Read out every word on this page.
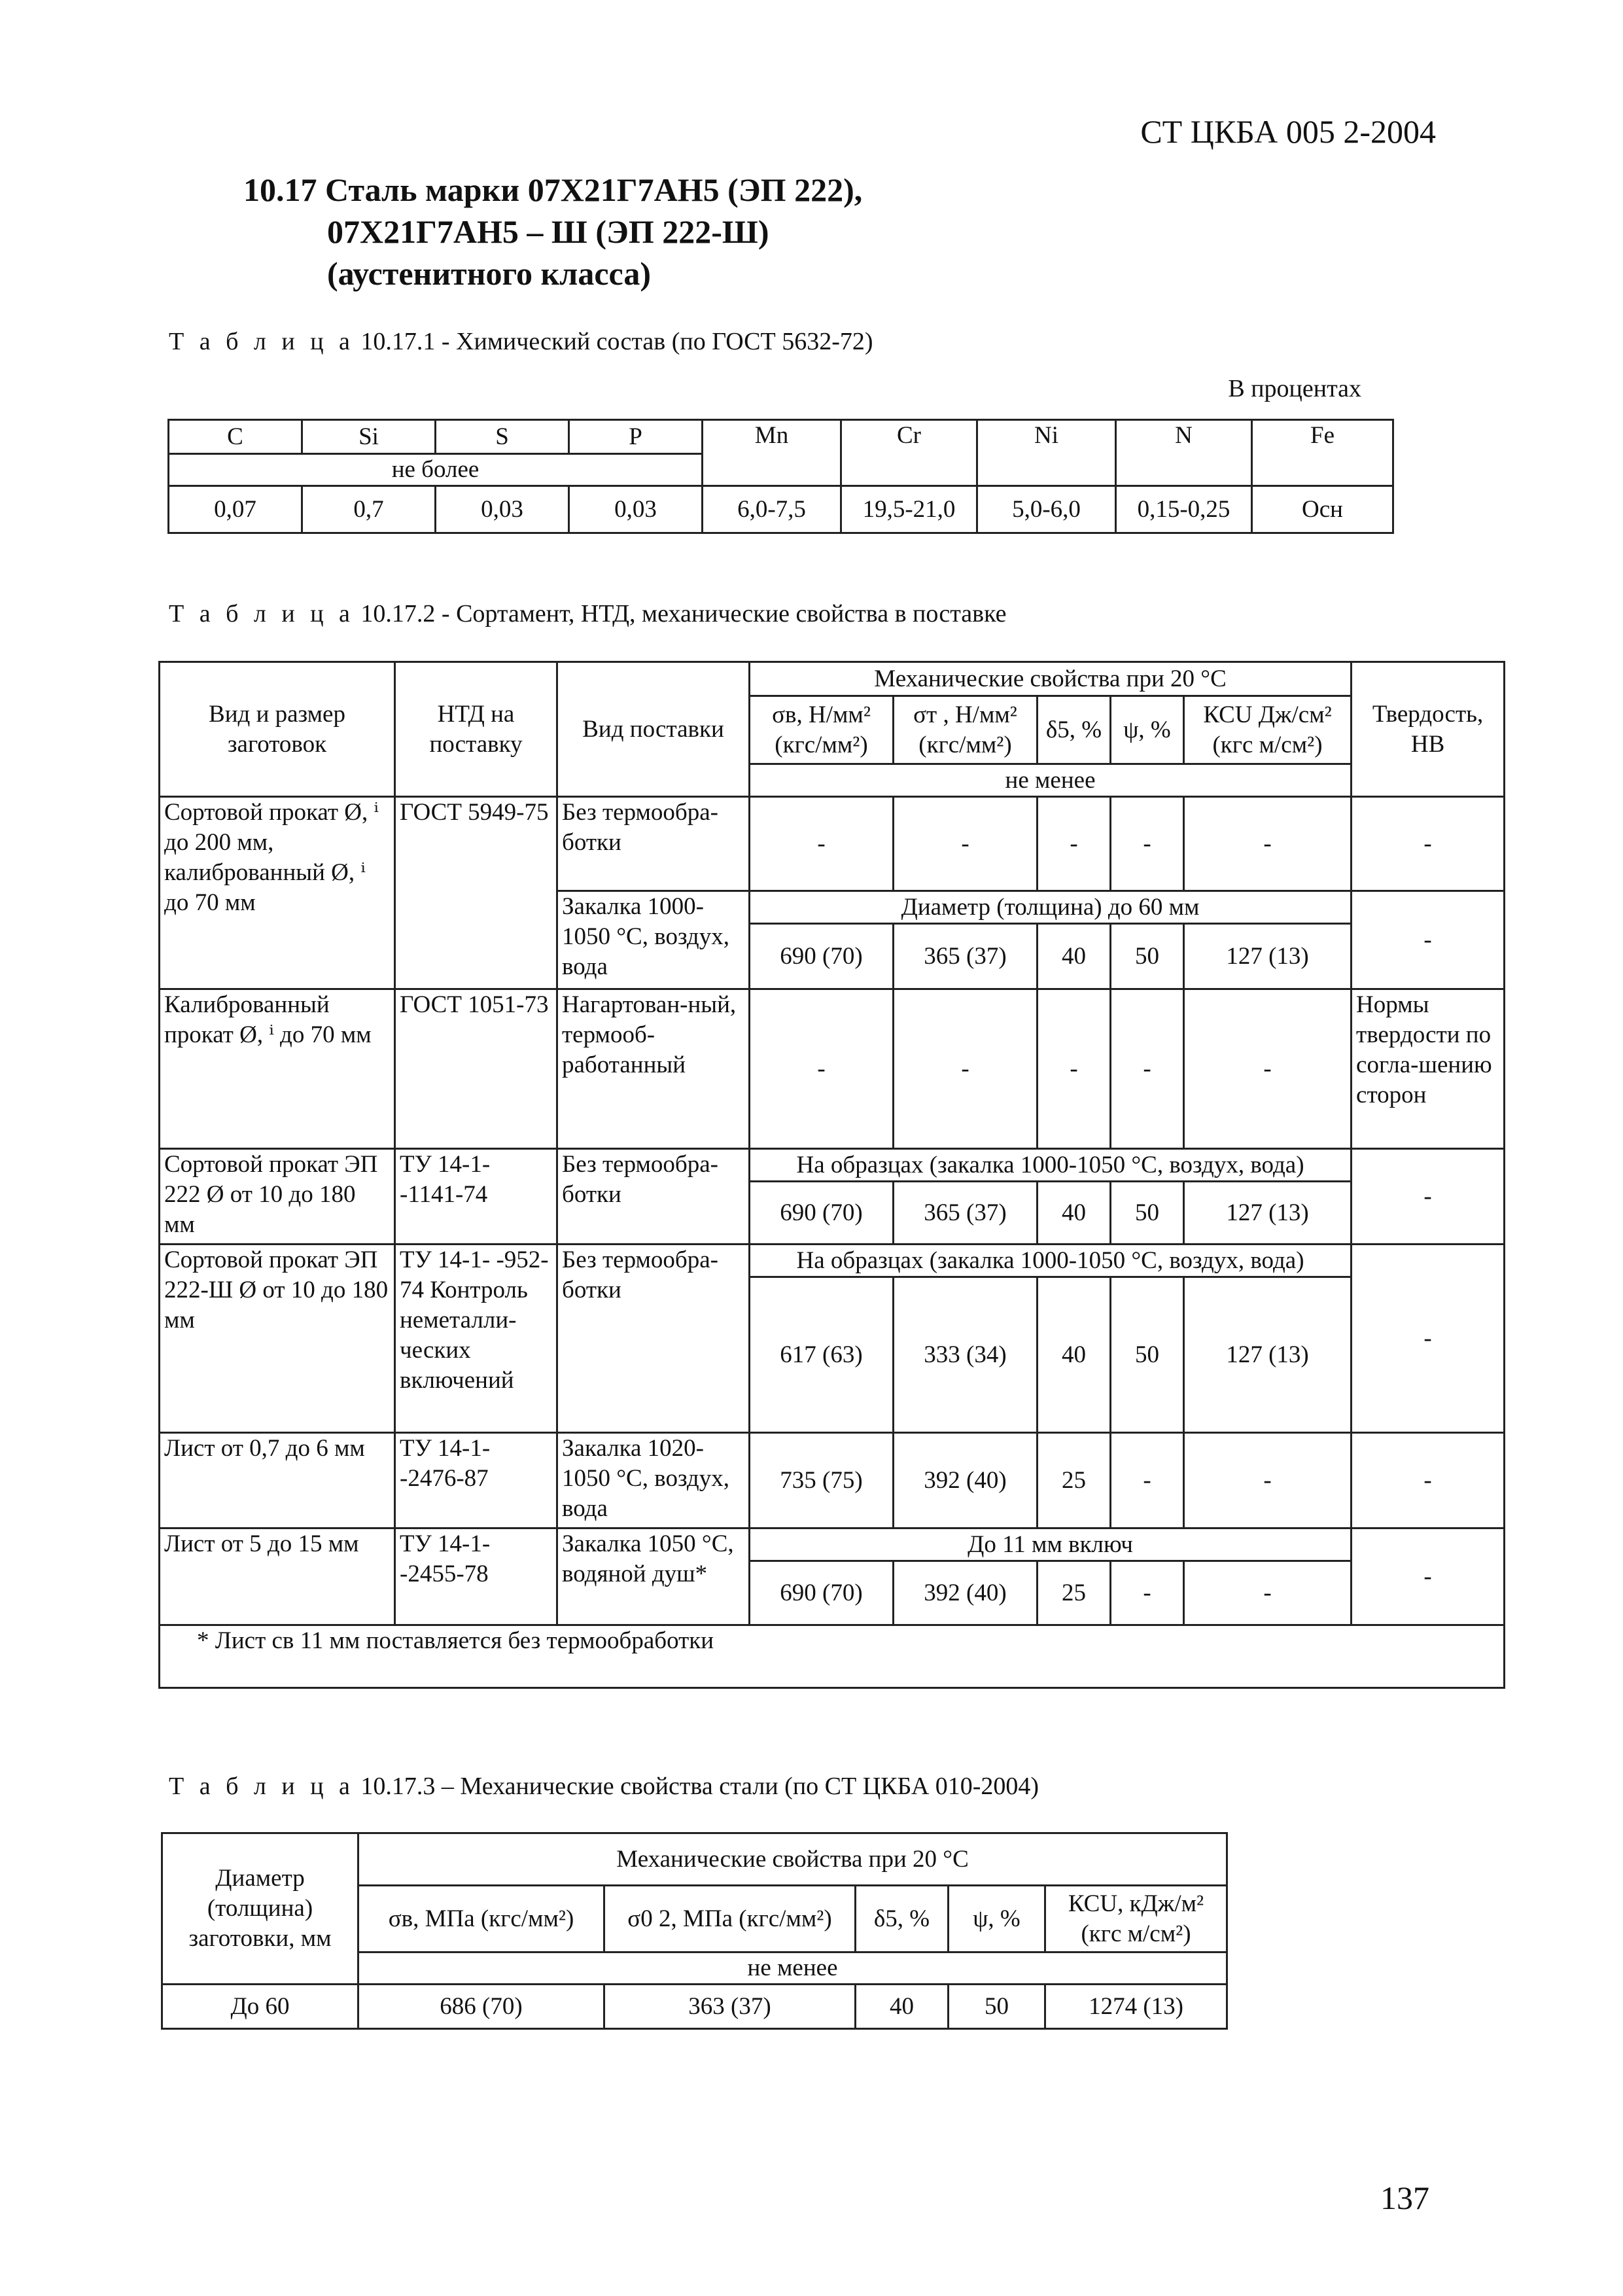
СТ ЦКБА 005 2-2004
10.17 Сталь марки 07Х21Г7АН5 (ЭП 222),
07Х21Г7АН5 – Ш (ЭП 222-Ш)
(аустенитного класса)
Т а б л и ц а 10.17.1 - Химический состав (по ГОСТ 5632-72)
В процентах
C	Si	S	P	Mn	Cr	Ni	N	Fe
не более								
0,07	0,7	0,03	0,03	6,0-7,5	19,5-21,0	5,0-6,0	0,15-0,25	Осн
Т а б л и ц а 10.17.2 - Сортамент, НТД, механические свойства в поставке
Вид и размер заготовок	НТД на поставку	Вид поставки	Механические свойства при 20 °С					Твердость, НВ
			σв, Н/мм² (кгс/мм²)	σт , Н/мм² (кгс/мм²)	δ5, %	ψ, %	КСU Дж/см² (кгс м/см²)	
			не менее					
Сортовой прокат Ø, ⁱ до 200 мм, калиброванный Ø, ⁱ до 70 мм	ГОСТ 5949-75	Без термообра-ботки	-	-	-	-	-	-
		Закалка 1000-1050 °С, воздух, вода	Диаметр (толщина) до 60 мм					-
			690 (70)	365 (37)	40	50	127 (13)	
Калиброванный прокат Ø, ⁱ до 70 мм	ГОСТ 1051-73	Нагартован-ный, термооб-работанный	-	-	-	-	-	Нормы твердости по согла-шению сторон
Сортовой прокат ЭП 222 Ø от 10 до 180 мм	ТУ 14-1- -1141-74	Без термообра-ботки	На образцах (закалка 1000-1050 °С, воздух, вода)					-
			690 (70)	365 (37)	40	50	127 (13)	
Сортовой прокат ЭП 222-Ш Ø от 10 до 180 мм	ТУ 14-1- -952-74 Контроль неметалли-ческих включений	Без термообра-ботки	На образцах (закалка 1000-1050 °С, воздух, вода)					-
			617 (63)	333 (34)	40	50	127 (13)	
Лист от 0,7 до 6 мм	ТУ 14-1- -2476-87	Закалка 1020-1050 °С, воздух, вода	735 (75)	392 (40)	25	-	-	-
Лист от 5 до 15 мм	ТУ 14-1- -2455-78	Закалка 1050 °С, водяной душ*	До 11 мм включ					-
			690 (70)	392 (40)	25	-	-	
* Лист св 11 мм поставляется без термообработки								
Т а б л и ц а 10.17.3 – Механические свойства стали (по СТ ЦКБА 010-2004)
Диаметр (толщина) заготовки, мм	Механические свойства при 20 °С				
	σв, МПа (кгс/мм²)	σ0 2, МПа (кгс/мм²)	δ5, %	ψ, %	КСU, кДж/м² (кгс м/см²)
	не менее				
До 60	686 (70)	363 (37)	40	50	1274 (13)
137
